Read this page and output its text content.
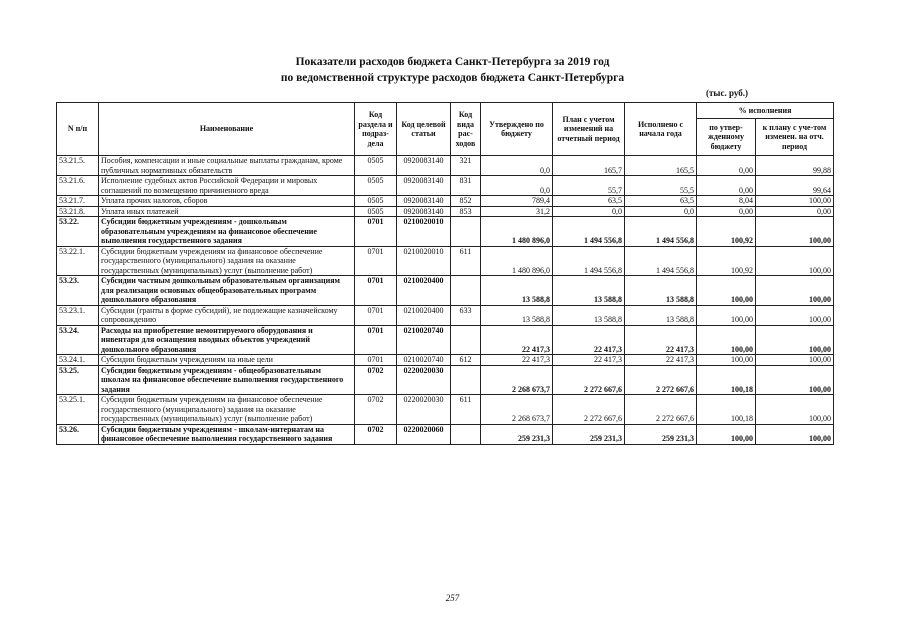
Показатели расходов бюджета Санкт-Петербурга за 2019 год
по ведомственной структуре расходов бюджета Санкт-Петербурга
(тыс. руб.)
N п/п	Наименование	Код раздела и подраз-дела	Код целевой статьи	Код вида рас-ходов	Утверждено по бюджету	План с учетом изменений на отчетный период	Исполнено с начала года	% исполнения	
								по утвер-жденному бюджету	к плану с уче-том изменен. на отч. период
53.21.5.	Пособия, компенсации и иные социальные выплаты гражданам, кроме публичных нормативных обязательств	0505	0920083140	321	0,0	165,7	165,5	0,00	99,88
53.21.6.	Исполнение судебных актов Российской Федерации и мировых соглашений по возмещению причиненного вреда	0505	0920083140	831	0,0	55,7	55,5	0,00	99,64
53.21.7.	Уплата прочих налогов, сборов	0505	0920083140	852	789,4	63,5	63,5	8,04	100,00
53.21.8.	Уплата иных платежей	0505	0920083140	853	31,2	0,0	0,0	0,00	0,00
53.22.	Субсидии бюджетным учреждениям - дошкольным образовательным учреждениям на финансовое обеспечение выполнения государственного задания	0701	0210020010		1 480 896,0	1 494 556,8	1 494 556,8	100,92	100,00
53.22.1.	Субсидии бюджетным учреждениям на финансовое обеспечение государственного (муниципального) задания на оказание государственных (муниципальных) услуг (выполнение работ)	0701	0210020010	611	1 480 896,0	1 494 556,8	1 494 556,8	100,92	100,00
53.23.	Субсидии частным дошкольным образовательным организациям для реализации основных общеобразовательных программ дошкольного образования	0701	0210020400		13 588,8	13 588,8	13 588,8	100,00	100,00
53.23.1.	Субсидии (гранты в форме субсидий), не подлежащие казначейскому сопровождению	0701	0210020400	633	13 588,8	13 588,8	13 588,8	100,00	100,00
53.24.	Расходы на приобретение немонтируемого оборудования и инвентаря для оснащения вводных объектов учреждений дошкольного образования	0701	0210020740		22 417,3	22 417,3	22 417,3	100,00	100,00
53.24.1.	Субсидии бюджетным учреждениям на иные цели	0701	0210020740	612	22 417,3	22 417,3	22 417,3	100,00	100,00
53.25.	Субсидии бюджетным учреждениям - общеобразовательным школам на финансовое обеспечение выполнения государственного задания	0702	0220020030		2 268 673,7	2 272 667,6	2 272 667,6	100,18	100,00
53.25.1.	Субсидии бюджетным учреждениям на финансовое обеспечение государственного (муниципального) задания на оказание государственных (муниципальных) услуг (выполнение работ)	0702	0220020030	611	2 268 673,7	2 272 667,6	2 272 667,6	100,18	100,00
53.26.	Субсидии бюджетным учреждениям - школам-интернатам на финансовое обеспечение выполнения государственного задания	0702	0220020060		259 231,3	259 231,3	259 231,3	100,00	100,00
257
